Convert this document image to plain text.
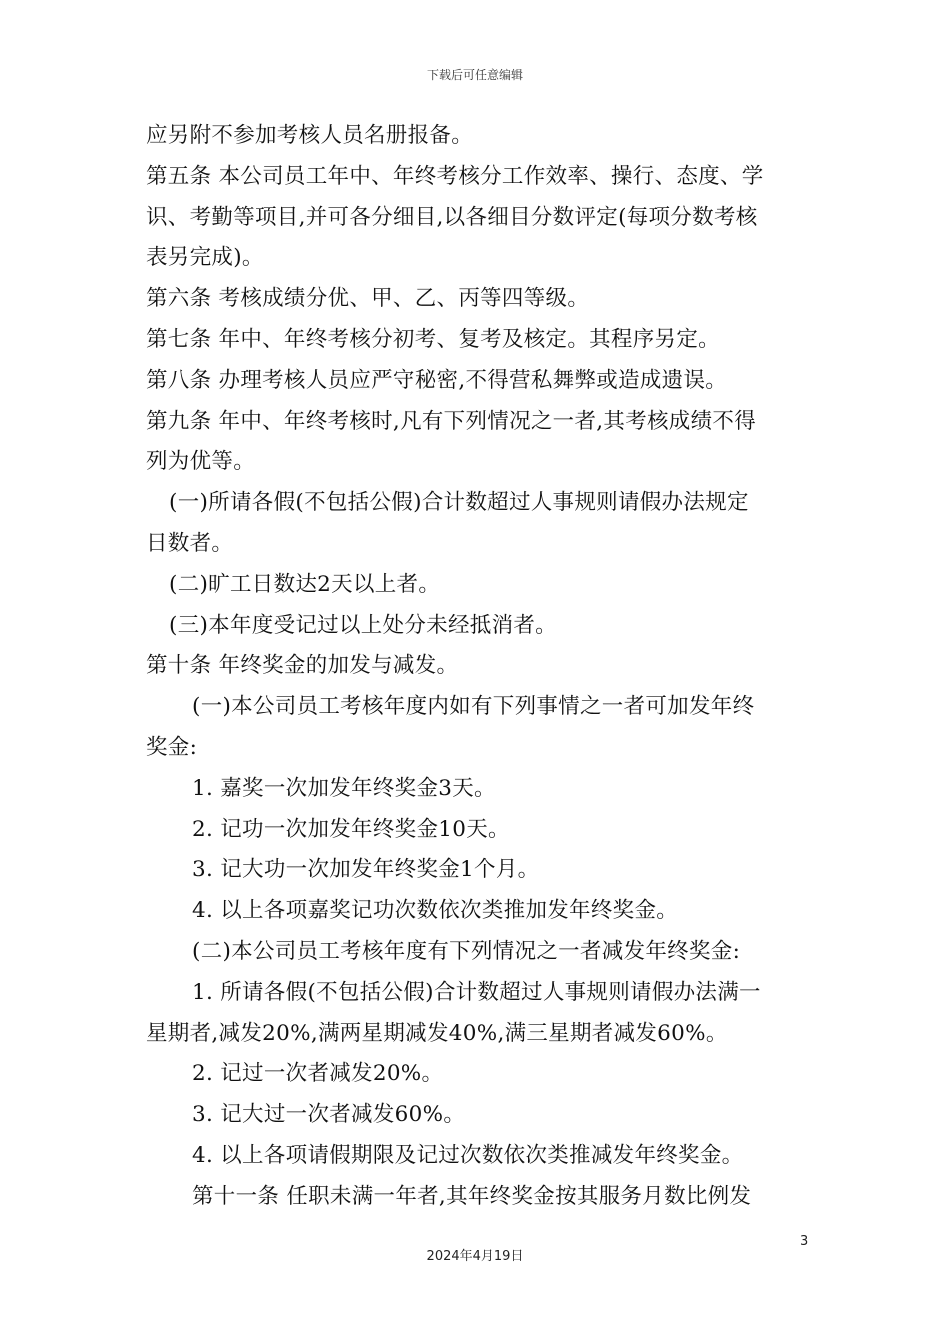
下载后可任意编辑
应另附不参加考核人员名册报备。
第五条 本公司员工年中、年终考核分工作效率、操行、态度、学
识、考勤等项目,并可各分细目,以各细目分数评定(每项分数考核
表另完成)。
第六条 考核成绩分优、甲、乙、丙等四等级。
第七条 年中、年终考核分初考、复考及核定。其程序另定。
第八条 办理考核人员应严守秘密,不得营私舞弊或造成遗误。
第九条 年中、年终考核时,凡有下列情况之一者,其考核成绩不得
列为优等。
(一)所请各假(不包括公假)合计数超过人事规则请假办法规定
日数者。
(二)旷工日数达2天以上者。
(三)本年度受记过以上处分未经抵消者。
第十条 年终奖金的加发与减发。
(一)本公司员工考核年度内如有下列事情之一者可加发年终
奖金:
1. 嘉奖一次加发年终奖金3天。
2. 记功一次加发年终奖金10天。
3. 记大功一次加发年终奖金1个月。
4. 以上各项嘉奖记功次数依次类推加发年终奖金。
(二)本公司员工考核年度有下列情况之一者减发年终奖金:
1. 所请各假(不包括公假)合计数超过人事规则请假办法满一
星期者,减发20%,满两星期减发40%,满三星期者减发60%。
2. 记过一次者减发20%。
3. 记大过一次者减发60%。
4. 以上各项请假期限及记过次数依次类推减发年终奖金。
第十一条 任职未满一年者,其年终奖金按其服务月数比例发
3
2024年4月19日
